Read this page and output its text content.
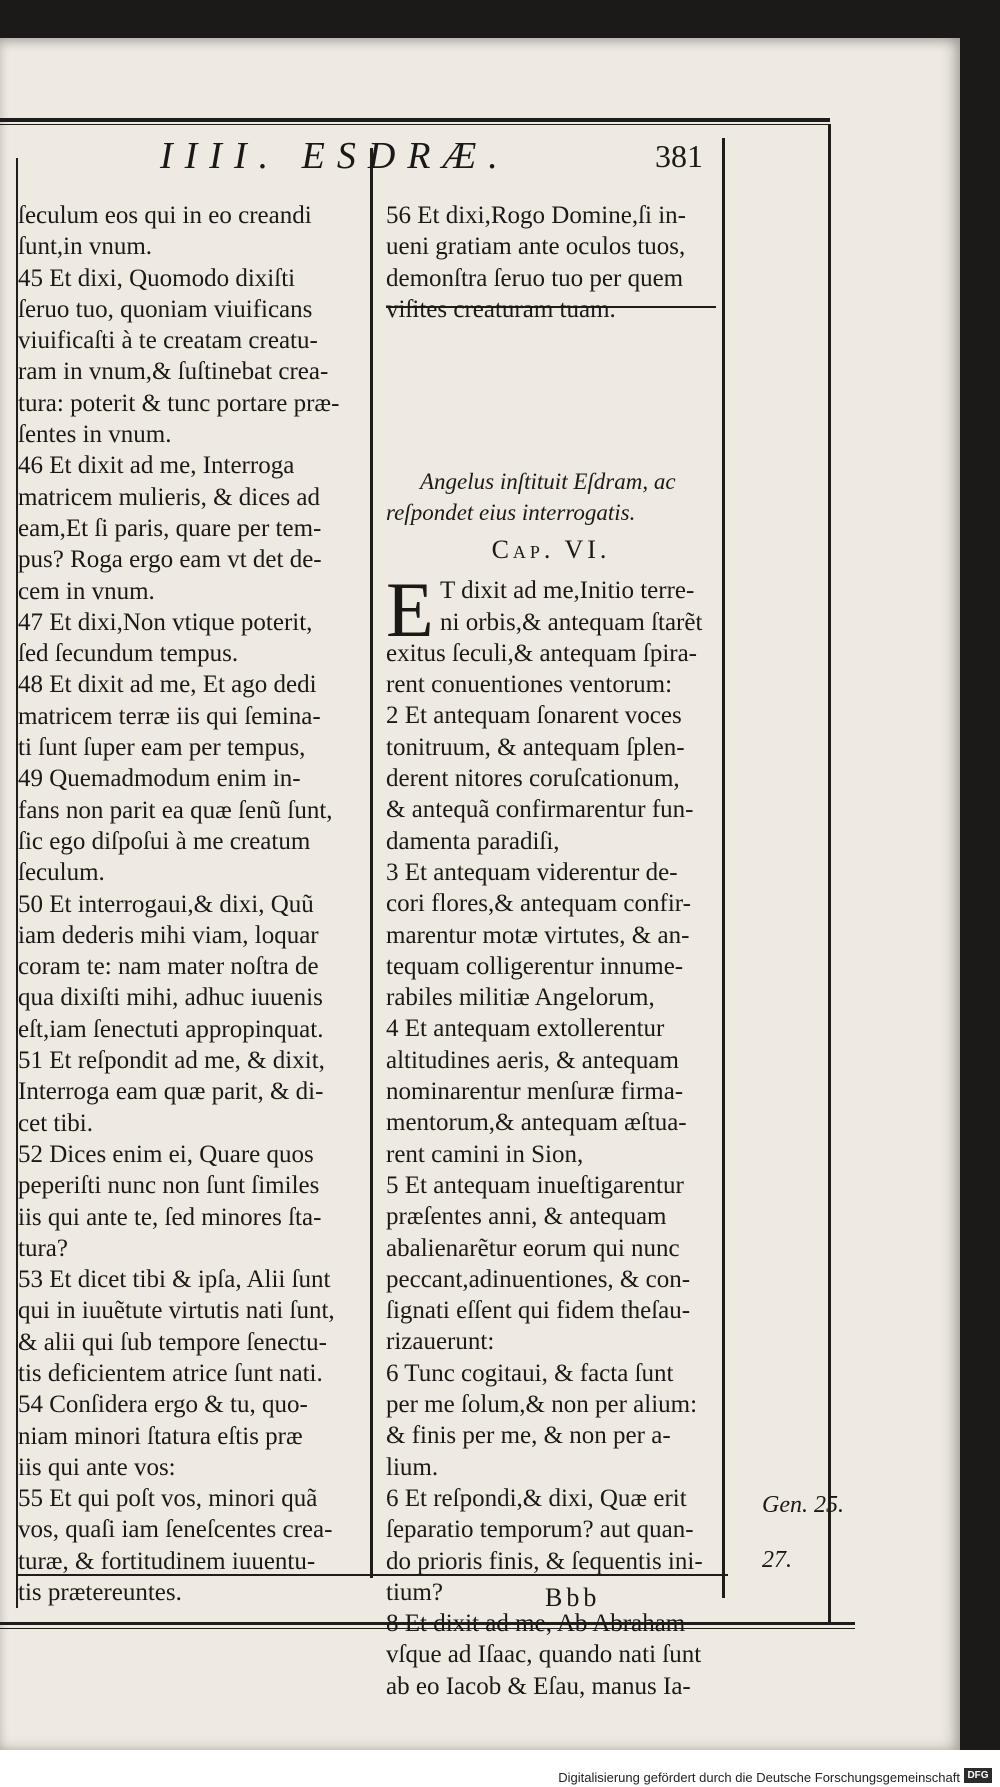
IIII. ESDRÆ.	381

ſeculum eos qui in eo creandi

ſunt,in vnum.

45 Et dixi, Quomodo dixiſti

ſeruo tuo, quoniam viuificans

viuificaſti à te creatam creatu-

ram in vnum,& ſuſtinebat crea-

tura: poterit & tunc portare præ-

ſentes in vnum.

46 Et dixit ad me, Interroga

matricem mulieris, & dices ad

eam,Et ſi paris, quare per tem-

pus? Roga ergo eam vt det de-

cem in vnum.

47 Et dixi,Non vtique poterit,

ſed ſecundum tempus.

48 Et dixit ad me, Et ago dedi

matricem terræ iis qui ſemina-

ti ſunt ſuper eam per tempus,

49 Quemadmodum enim in-

fans non parit ea quæ ſenũ ſunt,

ſic ego diſpoſui à me creatum

ſeculum.

50 Et interrogaui,& dixi, Quũ

iam dederis mihi viam, loquar

coram te: nam mater noſtra de

qua dixiſti mihi, adhuc iuuenis

eſt,iam ſenectuti appropinquat.

51 Et reſpondit ad me, & dixit,

Interroga eam quæ parit, & di-

cet tibi.

52 Dices enim ei, Quare quos

peperiſti nunc non ſunt ſimiles

iis qui ante te, ſed minores ſta-

tura?

53 Et dicet tibi & ipſa, Alii ſunt

qui in iuuẽtute virtutis nati ſunt,

& alii qui ſub tempore ſenectu-

tis deficientem atrice ſunt nati.

54 Conſidera ergo & tu, quo-

niam minori ſtatura eſtis præ

iis qui ante vos:

55 Et qui poſt vos, minori quã

vos, quaſi iam ſeneſcentes crea-

turæ, & fortitudinem iuuentu-

tis prætereuntes.

56 Et dixi,Rogo Domine,ſi in-

ueni gratiam ante oculos tuos,

demonſtra ſeruo tuo per quem

viſites creaturam tuam.

Angelus inſtituit Eſdram, ac

reſpondet eius interrogatis.

Cap. VI.
E T dixit ad me,Initio terre-

ni orbis,& antequam ſtarẽt

exitus ſeculi,& antequam ſpira-

rent conuentiones ventorum:

2 Et antequam ſonarent voces

tonitruum, & antequam ſplen-

derent nitores coruſcationum,

& antequã confirmarentur fun-

damenta paradiſi,

3 Et antequam viderentur de-

cori flores,& antequam confir-

marentur motæ virtutes, & an-

tequam colligerentur innume-

rabiles militiæ Angelorum,

4 Et antequam extollerentur

altitudines aeris, & antequam

nominarentur menſuræ firma-

mentorum,& antequam æſtua-

rent camini in Sion,

5 Et antequam inueſtigarentur

præſentes anni, & antequam

abalienarẽtur eorum qui nunc

peccant,adinuentiones, & con-

ſignati eſſent qui fidem theſau-

rizauerunt:

6 Tunc cogitaui, & facta ſunt

per me ſolum,& non per alium:

& finis per me, & non per a-

lium.

6 Et reſpondi,& dixi, Quæ erit

ſeparatio temporum? aut quan-

do prioris finis, & ſequentis ini-

tium?

8 Et dixit ad me, Ab Abraham

vſque ad Iſaac, quando nati ſunt

ab eo Iacob & Eſau, manus Ia-

Gen. 25.

27.

Bbb
Digitalisierung gefördert durch die Deutsche Forschungsgemeinschaft DFG
